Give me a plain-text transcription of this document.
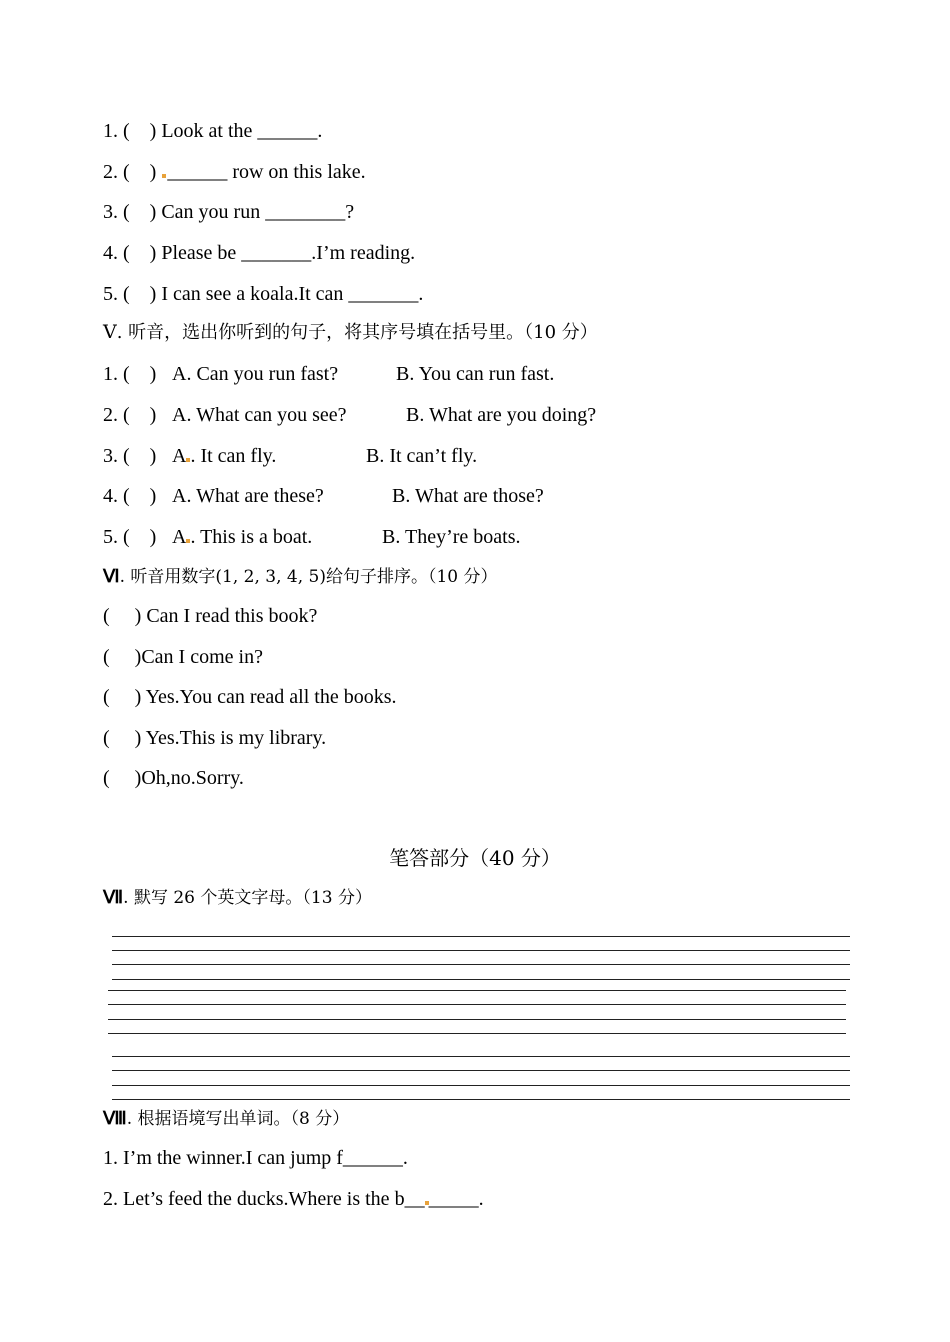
1. (    ) Look at the ______.
2. (    ) ______ row on this lake.
3. (    ) Can you run ________?
4. (    ) Please be _______.I’m reading.
5. (    ) I can see a koala.It can _______.
Ⅴ. 听音，选出你听到的句子，将其序号填在括号里。（10 分）
1. (    ) A. Can you run fast?	B. You can run fast.
2. (    ) A. What can you see?	B. What are you doing?
3. (    ) A . It can fly.	B. It can’t fly.
4. (    ) A. What are these?	B. What are those?
5. (    ) A . This is a boat.	B. They’re boats.
Ⅵ. 听音用数字(1, 2, 3, 4, 5)给句子排序。（10 分）
(     ) Can I read this book?
(     )Can I come in?
(     ) Yes.You can read all the books.
(     ) Yes.This is my library.
(     )Oh,no.Sorry.
笔答部分（40 分）
Ⅶ. 默写 26 个英文字母。（13 分）
Ⅷ. 根据语境写出单词。（8 分）
1. I’m the winner.I can jump f______.
2. Let’s feed the ducks.Where is the b__ _____.
